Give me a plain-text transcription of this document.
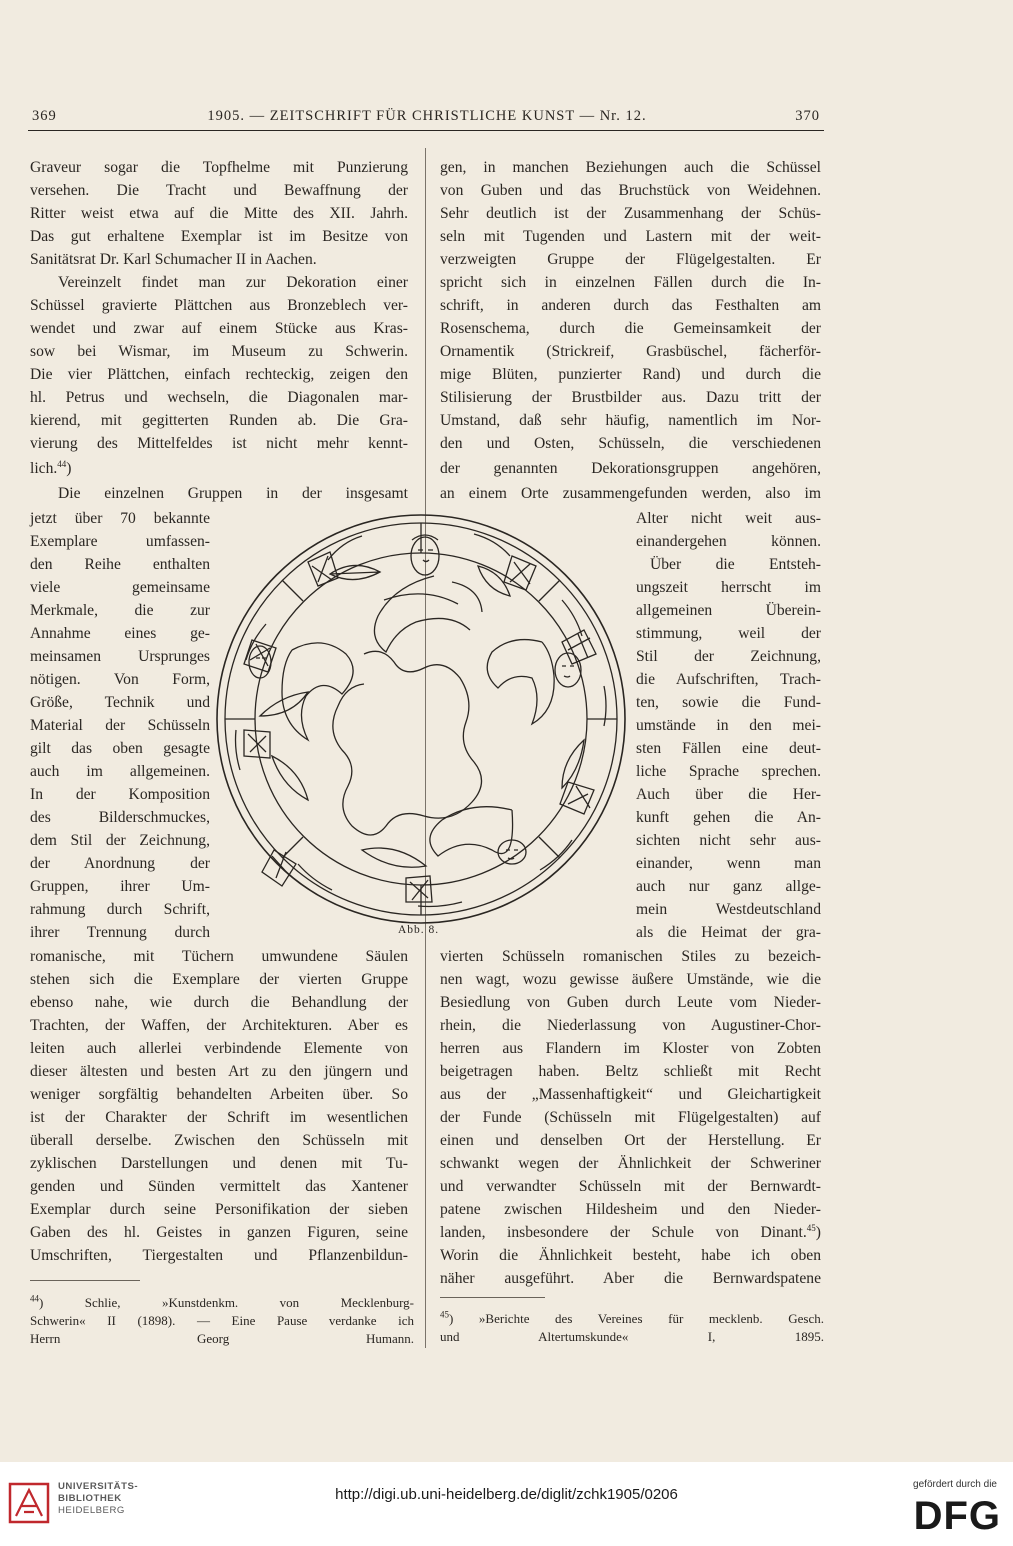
369	1905. — ZEITSCHRIFT FÜR CHRISTLICHE KUNST — Nr. 12.	370
Graveur sogar die Topfhelme mit Punzierung
versehen. Die Tracht und Bewaffnung der
Ritter weist etwa auf die Mitte des XII. Jahrh.
Das gut erhaltene Exemplar ist im Besitze von
Sanitätsrat Dr. Karl Schumacher II in Aachen.
Vereinzelt findet man zur Dekoration einer
Schüssel gravierte Plättchen aus Bronzeblech ver-
wendet und zwar auf einem Stücke aus Kras-
sow bei Wismar, im Museum zu Schwerin.
Die vier Plättchen, einfach rechteckig, zeigen den
hl. Petrus und wechseln, die Diagonalen mar-
kierend, mit gegitterten Runden ab. Die Gra-
vierung des Mittelfeldes ist nicht mehr kennt-
lich.$^{44}$)
Die einzelnen Gruppen in der insgesamt
jetzt über 70 bekannte
Exemplare umfassen-
den Reihe enthalten
viele gemeinsame
Merkmale, die zur
Annahme eines ge-
meinsamen Ursprunges
nötigen. Von Form,
Größe, Technik und
Material der Schüsseln
gilt das oben gesagte
auch im allgemeinen.
In der Komposition
des Bilderschmuckes,
dem Stil der Zeichnung,
der Anordnung der
Gruppen, ihrer Um-
rahmung durch Schrift,
ihrer Trennung durch
romanische, mit Tüchern umwundene Säulen
stehen sich die Exemplare der vierten Gruppe
ebenso nahe, wie durch die Behandlung der
Trachten, der Waffen, der Architekturen. Aber es
leiten auch allerlei verbindende Elemente von
dieser ältesten und besten Art zu den jüngern und
weniger sorgfältig behandelten Arbeiten über. So
ist der Charakter der Schrift im wesentlichen
überall derselbe. Zwischen den Schüsseln mit
zyklischen Darstellungen und denen mit Tu-
genden und Sünden vermittelt das Xantener
Exemplar durch seine Personifikation der sieben
Gaben des hl. Geistes in ganzen Figuren, seine
Umschriften, Tiergestalten und Pflanzenbildun-
gen, in manchen Beziehungen auch die Schüssel
von Guben und das Bruchstück von Weidehnen.
Sehr deutlich ist der Zusammenhang der Schüs-
seln mit Tugenden und Lastern mit der weit-
verzweigten Gruppe der Flügelgestalten. Er
spricht sich in einzelnen Fällen durch die In-
schrift, in anderen durch das Festhalten am
Rosenschema, durch die Gemeinsamkeit der
Ornamentik (Strickreif, Grasbüschel, fächerför-
mige Blüten, punzierter Rand) und durch die
Stilisierung der Brustbilder aus. Dazu tritt der
Umstand, daß sehr häufig, namentlich im Nor-
den und Osten, Schüsseln, die verschiedenen
der genannten Dekorationsgruppen angehören,
an einem Orte zusammengefunden werden, also im
Alter nicht weit aus-
einandergehen können.
Über die Entsteh-
ungszeit herrscht im
allgemeinen Überein-
stimmung, weil der
Stil der Zeichnung,
die Aufschriften, Trach-
ten, sowie die Fund-
umstände in den mei-
sten Fällen eine deut-
liche Sprache sprechen.
Auch über die Her-
kunft gehen die An-
sichten nicht sehr aus-
einander, wenn man
auch nur ganz allge-
mein Westdeutschland
als die Heimat der gra-
vierten Schüsseln romanischen Stiles zu bezeich-
nen wagt, wozu gewisse äußere Umstände, wie die
Besiedlung von Guben durch Leute vom Nieder-
rhein, die Niederlassung von Augustiner-Chor-
herren aus Flandern im Kloster von Zobten
beigetragen haben. Beltz schließt mit Recht
aus der „Massenhaftigkeit“ und Gleichartigkeit
der Funde (Schüsseln mit Flügelgestalten) auf
einen und denselben Ort der Herstellung. Er
schwankt wegen der Ähnlichkeit der Schweriner
und verwandter Schüsseln mit der Bernwardt-
patene zwischen Hildesheim und den Nieder-
landen, insbesondere der Schule von Dinant.$^{45}$)
Worin die Ähnlichkeit besteht, habe ich oben
näher ausgeführt. Aber die Bernwardspatene
$^{44}$) Schlie, »Kunstdenkm. von Mecklenburg-
Schwerin« II (1898). — Eine Pause verdanke ich
Herrn Georg Humann.
$^{45}$) »Berichte des Vereines für mecklenb. Gesch.
und Altertumskunde« I, 1895.
Abb. 8.
UNIVERSITÄTS-
BIBLIOTHEK
HEIDELBERG
http://digi.ub.uni-heidelberg.de/diglit/zchk1905/0206
gefördert durch die
DFG
